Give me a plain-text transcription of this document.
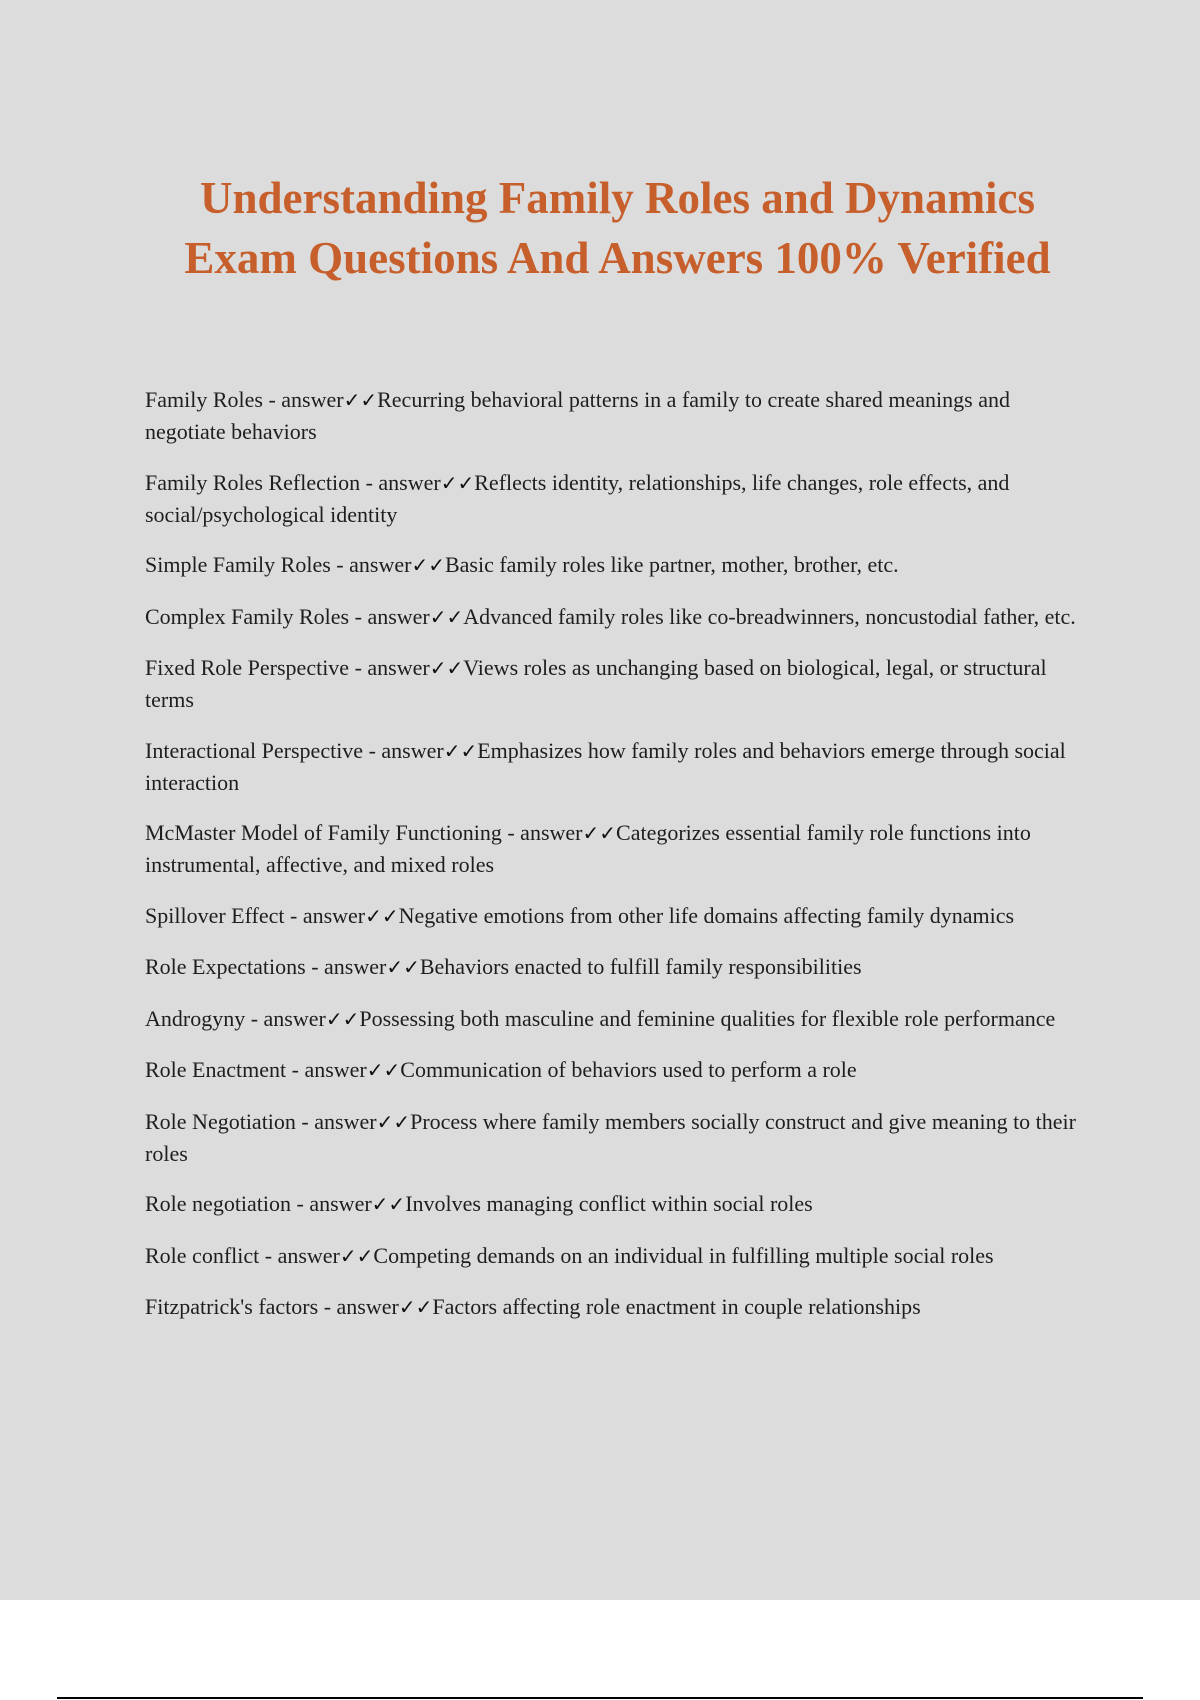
Understanding Family Roles and Dynamics
Exam Questions And Answers 100% Verified
Family Roles - answer✓✓Recurring behavioral patterns in a family to create shared meanings and negotiate behaviors
Family Roles Reflection - answer✓✓Reflects identity, relationships, life changes, role effects, and social/psychological identity
Simple Family Roles - answer✓✓Basic family roles like partner, mother, brother, etc.
Complex Family Roles - answer✓✓Advanced family roles like co-breadwinners, noncustodial father, etc.
Fixed Role Perspective - answer✓✓Views roles as unchanging based on biological, legal, or structural terms
Interactional Perspective - answer✓✓Emphasizes how family roles and behaviors emerge through social interaction
McMaster Model of Family Functioning - answer✓✓Categorizes essential family role functions into instrumental, affective, and mixed roles
Spillover Effect - answer✓✓Negative emotions from other life domains affecting family dynamics
Role Expectations - answer✓✓Behaviors enacted to fulfill family responsibilities
Androgyny - answer✓✓Possessing both masculine and feminine qualities for flexible role performance
Role Enactment - answer✓✓Communication of behaviors used to perform a role
Role Negotiation - answer✓✓Process where family members socially construct and give meaning to their roles
Role negotiation - answer✓✓Involves managing conflict within social roles
Role conflict - answer✓✓Competing demands on an individual in fulfilling multiple social roles
Fitzpatrick's factors - answer✓✓Factors affecting role enactment in couple relationships
